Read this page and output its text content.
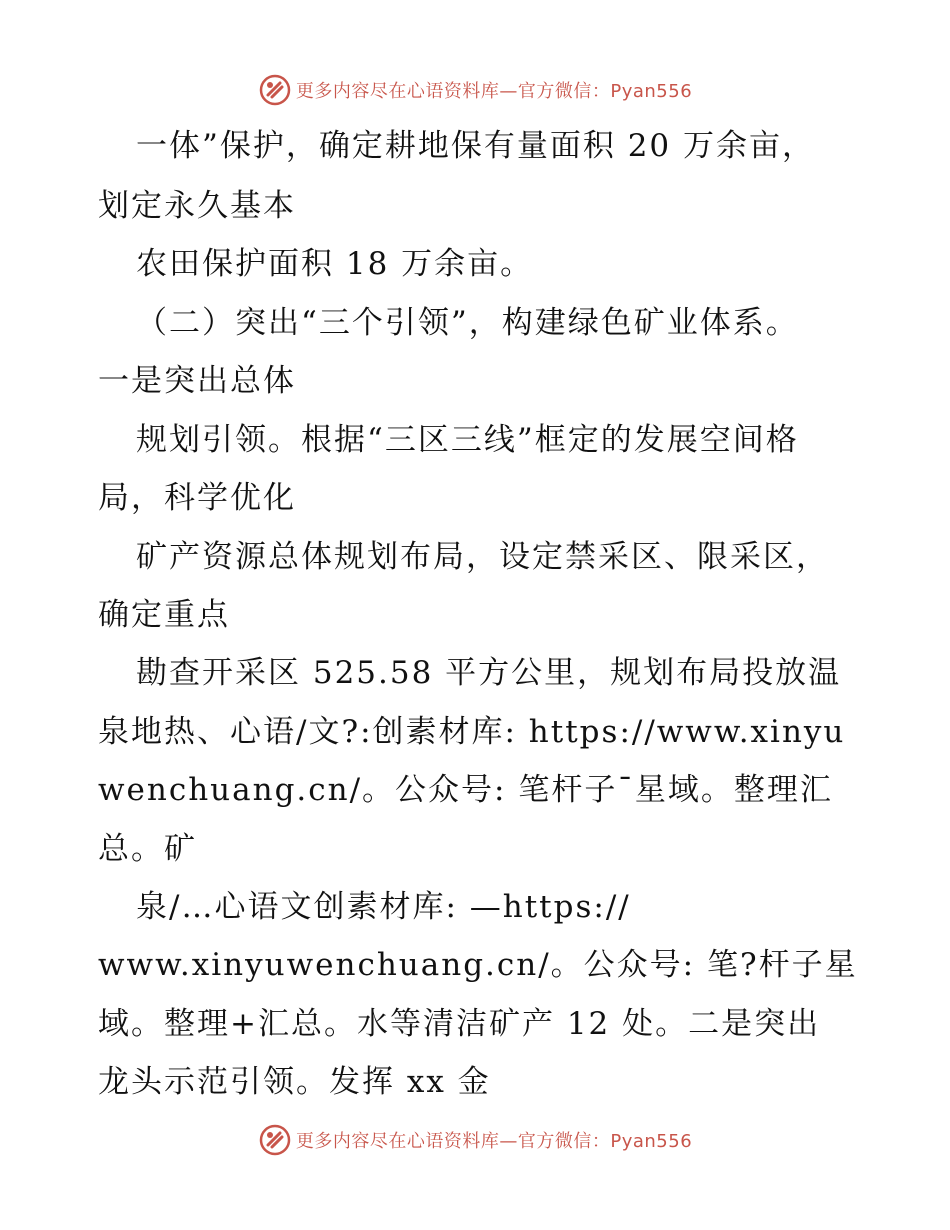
更多内容尽在心语资料库—官方微信：Pyan556
一体”保护，确定耕地保有量面积 20 万余亩，
划定永久基本
农田保护面积 18 万余亩。
（二）突出“三个引领”，构建绿色矿业体系。
一是突出总体
规划引领。根据“三区三线”框定的发展空间格
局，科学优化
矿产资源总体规划布局，设定禁采区、限采区，
确定重点
勘查开采区 525.58 平方公里，规划布局投放温
泉地热、心语/文?:创素材库: https://www.xinyu
wenchuang.cn/。公众号: 笔杆子¯星域。整理汇
总。矿
泉/…心语文创素材库: —https://
www.xinyuwenchuang.cn/。公众号: 笔?杆子星
域。整理+汇总。水等清洁矿产 12 处。二是突出
龙头示范引领。发挥 xx 金
更多内容尽在心语资料库—官方微信：Pyan556
